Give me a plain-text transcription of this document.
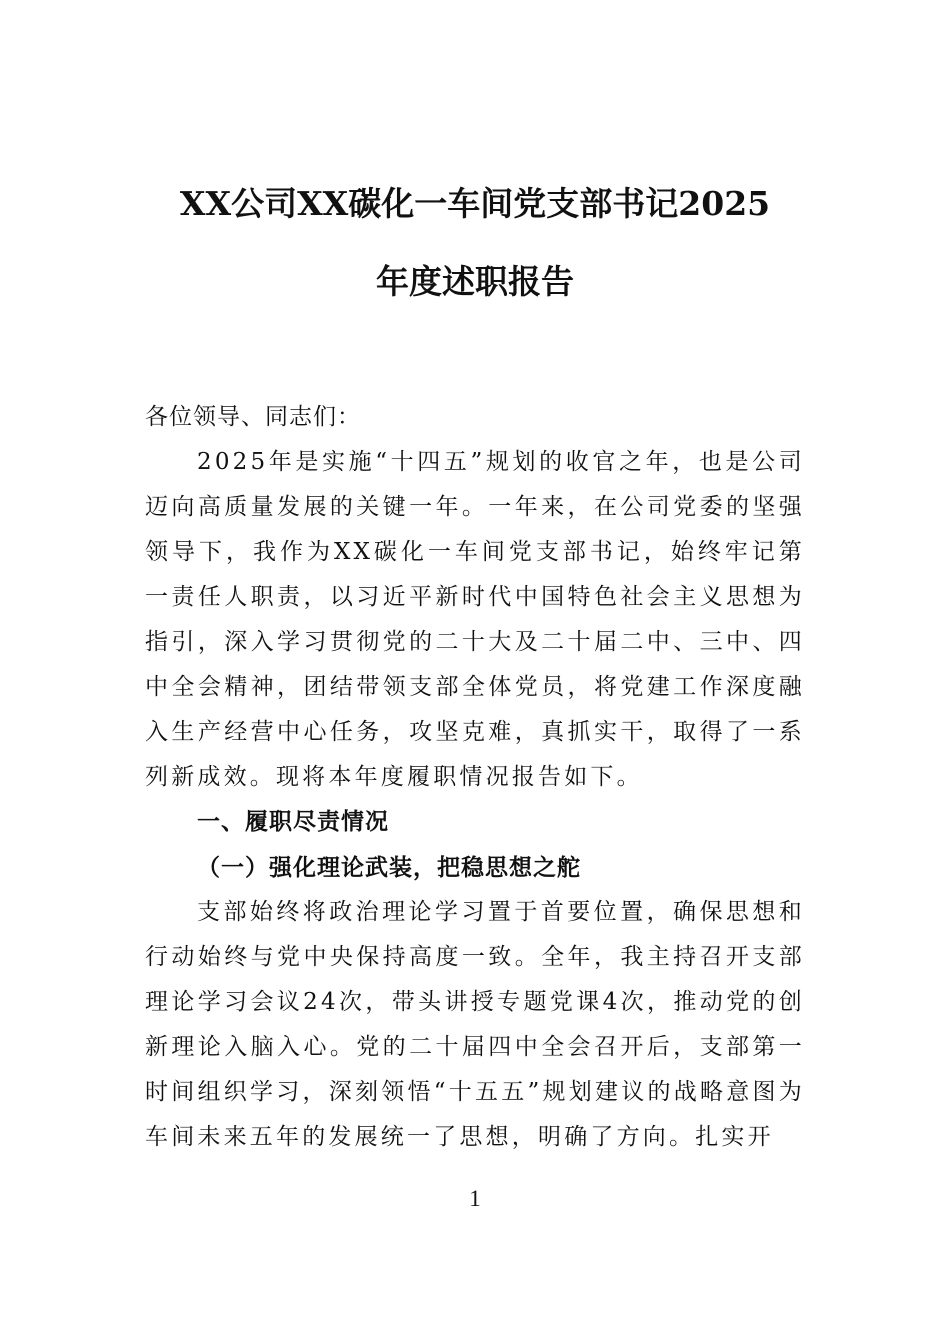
XX公司XX碳化一车间党支部书记2025
年度述职报告

各位领导、同志们：

2025年是实施“十四五”规划的收官之年，也是公司迈向高质量发展的关键一年。一年来，在公司党委的坚强领导下，我作为XX碳化一车间党支部书记，始终牢记第一责任人职责，以习近平新时代中国特色社会主义思想为指引，深入学习贯彻党的二十大及二十届二中、三中、四中全会精神，团结带领支部全体党员，将党建工作深度融入生产经营中心任务，攻坚克难，真抓实干，取得了一系列新成效。现将本年度履职情况报告如下。

一、履职尽责情况

（一）强化理论武装，把稳思想之舵

支部始终将政治理论学习置于首要位置，确保思想和行动始终与党中央保持高度一致。全年，我主持召开支部理论学习会议24次，带头讲授专题党课4次，推动党的创新理论入脑入心。党的二十届四中全会召开后，支部第一时间组织学习，深刻领悟“十五五”规划建议的战略意图为车间未来五年的发展统一了思想，明确了方向。扎实开

1
